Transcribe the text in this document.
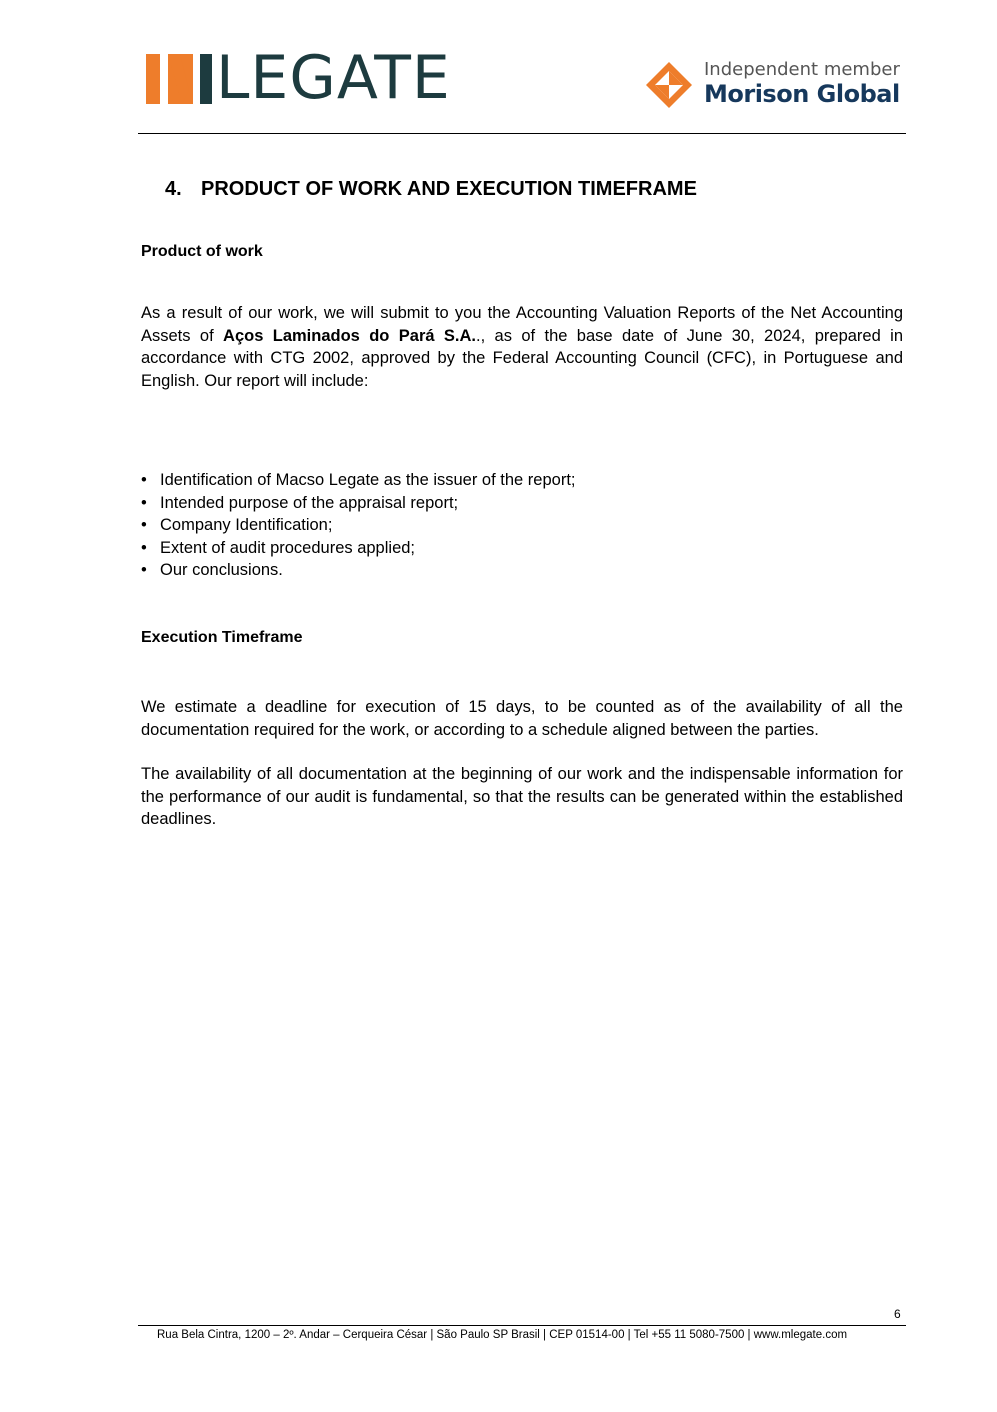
LEGATE	Independent member
Morison Global
4. PRODUCT OF WORK AND EXECUTION TIMEFRAME
Product of work
As a result of our work, we will submit to you the Accounting Valuation Reports of the Net Accounting Assets of Aços Laminados do Pará S.A.., as of the base date of June 30, 2024, prepared in accordance with CTG 2002, approved by the Federal Accounting Council (CFC), in Portuguese and English. Our report will include:
• Identification of Macso Legate as the issuer of the report;
• Intended purpose of the appraisal report;
• Company Identification;
• Extent of audit procedures applied;
• Our conclusions.
Execution Timeframe
We estimate a deadline for execution of 15 days, to be counted as of the availability of all the documentation required for the work, or according to a schedule aligned between the parties.
The availability of all documentation at the beginning of our work and the indispensable information for the performance of our audit is fundamental, so that the results can be generated within the established deadlines.
6
Rua Bela Cintra, 1200 – 2º. Andar – Cerqueira César | São Paulo SP Brasil | CEP 01514-00 | Tel +55 11 5080-7500 | www.mlegate.com
